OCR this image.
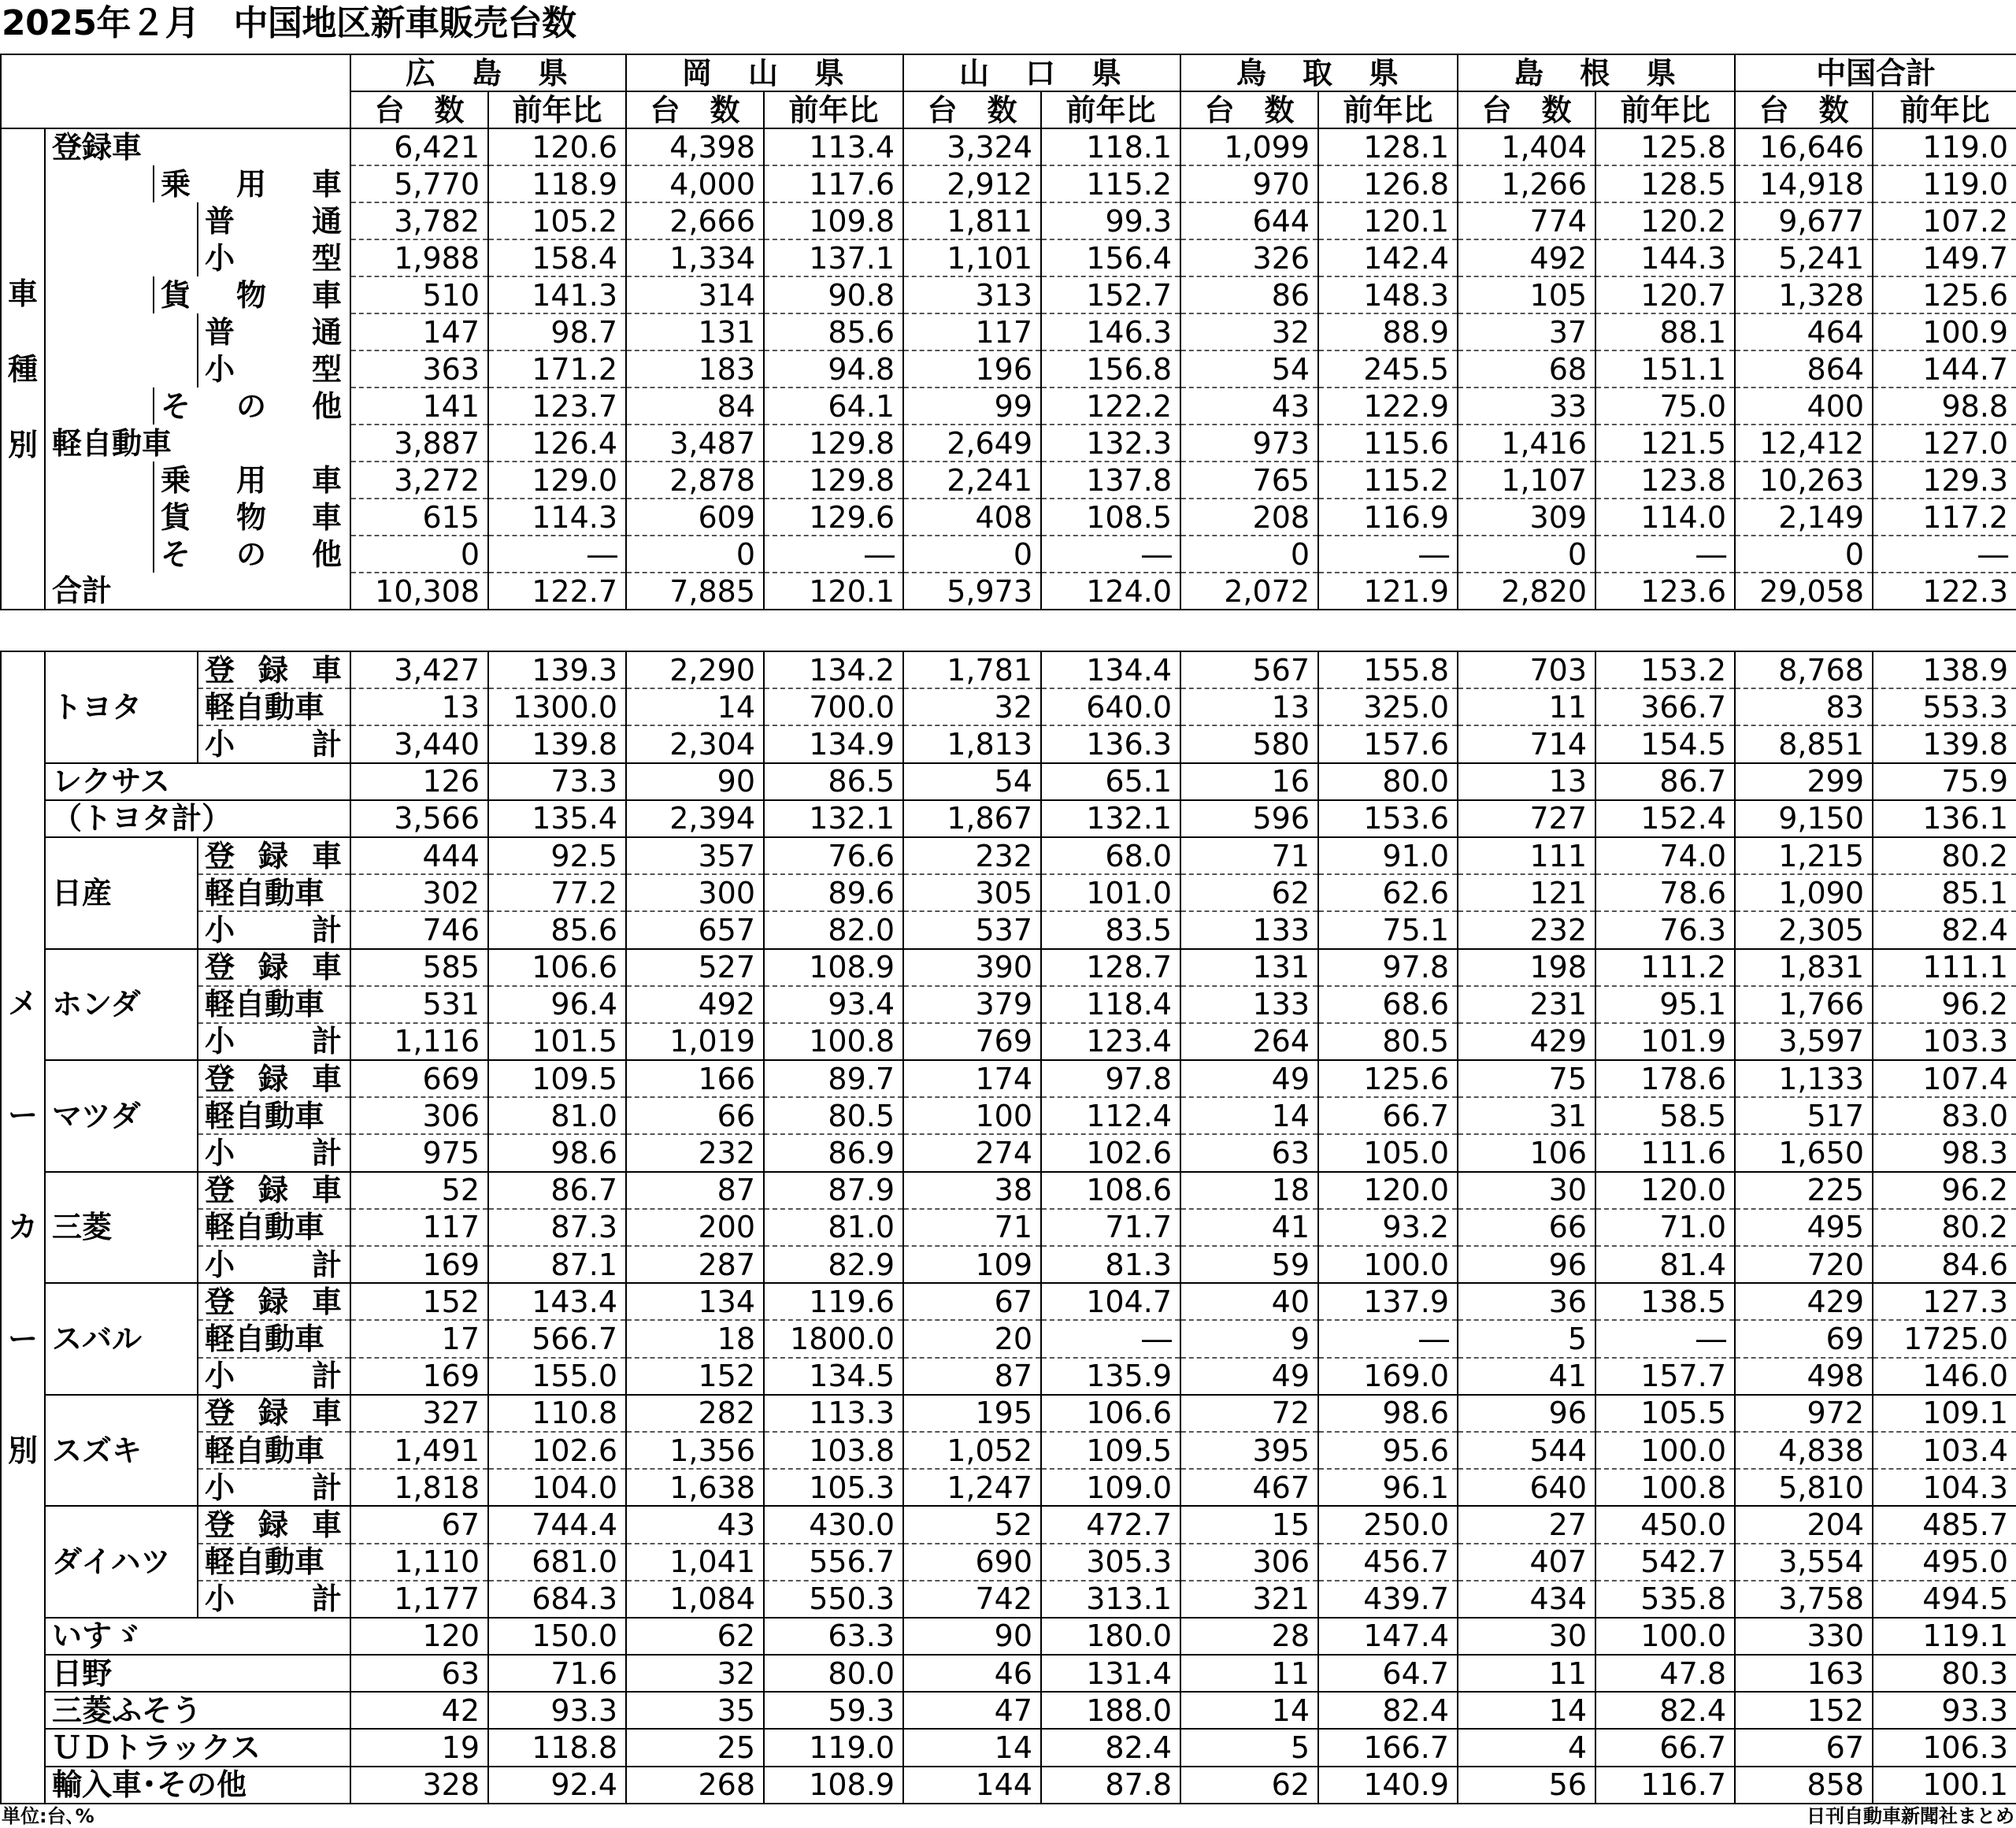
2025年２月　中国地区新車販売台数
				広　島　県		岡　山　県		山　口　県		鳥　取　県		島　根　県		中国合計	
				台　数	前年比	台　数	前年比	台　数	前年比	台　数	前年比	台　数	前年比	台　数	前年比

車
種
別	登録車			6,421	120.6	4,398	113.4	3,324	118.1	1,099	128.1	1,404	125.8	16,646	119.0

		乗 用 車		5,770	118.9	4,000	117.6	2,912	115.2	970	126.8	1,266	128.5	14,918	119.0

			普 通	3,782	105.2	2,666	109.8	1,811	99.3	644	120.1	774	120.2	9,677	107.2

			小 型	1,988	158.4	1,334	137.1	1,101	156.4	326	142.4	492	144.3	5,241	149.7

		貨 物 車		510	141.3	314	90.8	313	152.7	86	148.3	105	120.7	1,328	125.6

			普 通	147	98.7	131	85.6	117	146.3	32	88.9	37	88.1	464	100.9

			小 型	363	171.2	183	94.8	196	156.8	54	245.5	68	151.1	864	144.7

		そ の 他		141	123.7	84	64.1	99	122.2	43	122.9	33	75.0	400	98.8
	軽自動車			3,887	126.4	3,487	129.8	2,649	132.3	973	115.6	1,416	121.5	12,412	127.0

		乗 用 車		3,272	129.0	2,878	129.8	2,241	137.8	765	115.2	1,107	123.8	10,263	129.3

		貨 物 車		615	114.3	609	129.6	408	108.5	208	116.9	309	114.0	2,149	117.2

		そ の 他		0	―	0	―	0	―	0	―	0	―	0	―
	合計			10,308	122.7	7,885	120.1	5,973	124.0	2,072	121.9	2,820	123.6	29,058	122.3
メ
ー
カ
ー
別	トヨタ	登 録 車	3,427	139.3	2,290	134.2	1,781	134.4	567	155.8	703	153.2	8,768	138.9

		軽 自 動 車	13	1300.0	14	700.0	32	640.0	13	325.0	11	366.7	83	553.3

		小 計	3,440	139.8	2,304	134.9	1,813	136.3	580	157.6	714	154.5	8,851	139.8
	レクサス		126	73.3	90	86.5	54	65.1	16	80.0	13	86.7	299	75.9
	（トヨタ計）		3,566	135.4	2,394	132.1	1,867	132.1	596	153.6	727	152.4	9,150	136.1
	日産	登 録 車	444	92.5	357	76.6	232	68.0	71	91.0	111	74.0	1,215	80.2

		軽 自 動 車	302	77.2	300	89.6	305	101.0	62	62.6	121	78.6	1,090	85.1

		小 計	746	85.6	657	82.0	537	83.5	133	75.1	232	76.3	2,305	82.4
	ホンダ	登 録 車	585	106.6	527	108.9	390	128.7	131	97.8	198	111.2	1,831	111.1

		軽 自 動 車	531	96.4	492	93.4	379	118.4	133	68.6	231	95.1	1,766	96.2

		小 計	1,116	101.5	1,019	100.8	769	123.4	264	80.5	429	101.9	3,597	103.3
	マツダ	登 録 車	669	109.5	166	89.7	174	97.8	49	125.6	75	178.6	1,133	107.4

		軽 自 動 車	306	81.0	66	80.5	100	112.4	14	66.7	31	58.5	517	83.0

		小 計	975	98.6	232	86.9	274	102.6	63	105.0	106	111.6	1,650	98.3
	三菱	登 録 車	52	86.7	87	87.9	38	108.6	18	120.0	30	120.0	225	96.2

		軽 自 動 車	117	87.3	200	81.0	71	71.7	41	93.2	66	71.0	495	80.2

		小 計	169	87.1	287	82.9	109	81.3	59	100.0	96	81.4	720	84.6
	スバル	登 録 車	152	143.4	134	119.6	67	104.7	40	137.9	36	138.5	429	127.3

		軽 自 動 車	17	566.7	18	1800.0	20	―	9	―	5	―	69	1725.0

		小 計	169	155.0	152	134.5	87	135.9	49	169.0	41	157.7	498	146.0
	スズキ	登 録 車	327	110.8	282	113.3	195	106.6	72	98.6	96	105.5	972	109.1

		軽 自 動 車	1,491	102.6	1,356	103.8	1,052	109.5	395	95.6	544	100.0	4,838	103.4

		小 計	1,818	104.0	1,638	105.3	1,247	109.0	467	96.1	640	100.8	5,810	104.3
	ダイハツ	登 録 車	67	744.4	43	430.0	52	472.7	15	250.0	27	450.0	204	485.7

		軽 自 動 車	1,110	681.0	1,041	556.7	690	305.3	306	456.7	407	542.7	3,554	495.0

		小 計	1,177	684.3	1,084	550.3	742	313.1	321	439.7	434	535.8	3,758	494.5
	いすゞ		120	150.0	62	63.3	90	180.0	28	147.4	30	100.0	330	119.1
	日野		63	71.6	32	80.0	46	131.4	11	64.7	11	47.8	163	80.3
	三菱ふそう		42	93.3	35	59.3	47	188.0	14	82.4	14	82.4	152	93.3
	ＵＤトラックス		19	118.8	25	119.0	14	82.4	5	166.7	4	66.7	67	106.3
	輸入車･その他		328	92.4	268	108.9	144	87.8	62	140.9	56	116.7	858	100.1
単位:台､%	日刊自動車新聞社まとめ
